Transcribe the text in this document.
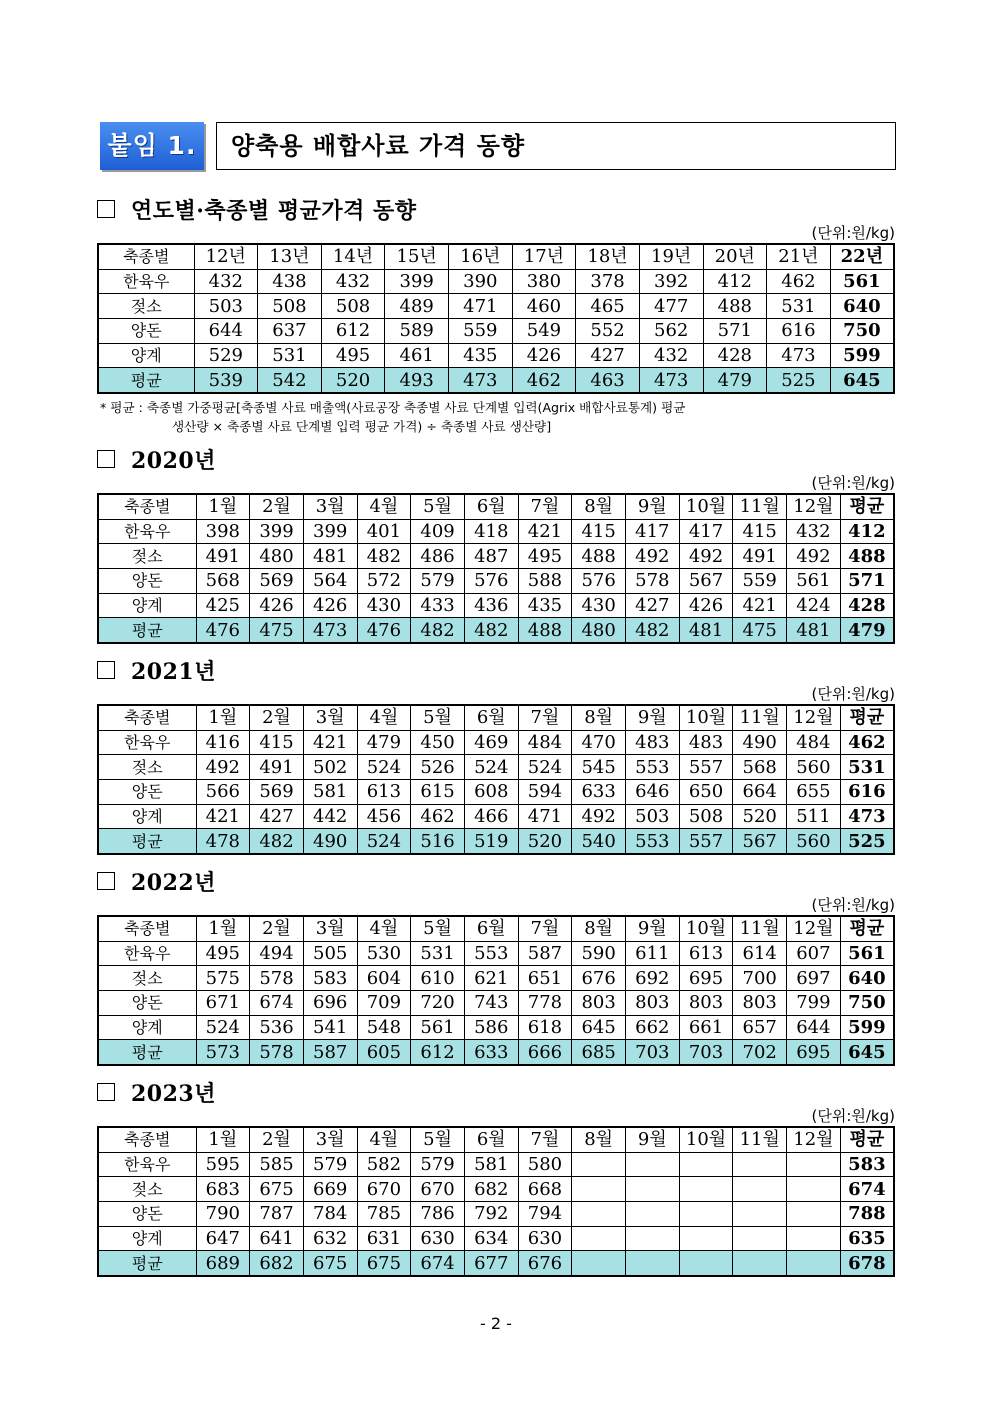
붙임 1.	양축용 배합사료 가격 동향
연도별·축종별 평균가격 동향
(단위:원/kg)
축종별	12년	13년	14년	15년	16년	17년	18년	19년	20년	21년	22년
한육우	432	438	432	399	390	380	378	392	412	462	561
젖소	503	508	508	489	471	460	465	477	488	531	640
양돈	644	637	612	589	559	549	552	562	571	616	750
양계	529	531	495	461	435	426	427	432	428	473	599
평균	539	542	520	493	473	462	463	473	479	525	645
* 평균 : 축종별 가중평균[축종별 사료 매출액(사료공장 축종별 사료 단계별 입력(Agrix 배합사료통계) 평균
생산량 × 축종별 사료 단계별 입력 평균 가격) ÷ 축종별 사료 생산량]
2020년
(단위:원/kg)
축종별	1월	2월	3월	4월	5월	6월	7월	8월	9월	10월	11월	12월	평균
한육우	398	399	399	401	409	418	421	415	417	417	415	432	412
젖소	491	480	481	482	486	487	495	488	492	492	491	492	488
양돈	568	569	564	572	579	576	588	576	578	567	559	561	571
양계	425	426	426	430	433	436	435	430	427	426	421	424	428
평균	476	475	473	476	482	482	488	480	482	481	475	481	479
2021년
(단위:원/kg)
축종별	1월	2월	3월	4월	5월	6월	7월	8월	9월	10월	11월	12월	평균
한육우	416	415	421	479	450	469	484	470	483	483	490	484	462
젖소	492	491	502	524	526	524	524	545	553	557	568	560	531
양돈	566	569	581	613	615	608	594	633	646	650	664	655	616
양계	421	427	442	456	462	466	471	492	503	508	520	511	473
평균	478	482	490	524	516	519	520	540	553	557	567	560	525
2022년
(단위:원/kg)
축종별	1월	2월	3월	4월	5월	6월	7월	8월	9월	10월	11월	12월	평균
한육우	495	494	505	530	531	553	587	590	611	613	614	607	561
젖소	575	578	583	604	610	621	651	676	692	695	700	697	640
양돈	671	674	696	709	720	743	778	803	803	803	803	799	750
양계	524	536	541	548	561	586	618	645	662	661	657	644	599
평균	573	578	587	605	612	633	666	685	703	703	702	695	645
2023년
(단위:원/kg)
축종별	1월	2월	3월	4월	5월	6월	7월	8월	9월	10월	11월	12월	평균
한육우	595	585	579	582	579	581	580						583
젖소	683	675	669	670	670	682	668						674
양돈	790	787	784	785	786	792	794						788
양계	647	641	632	631	630	634	630						635
평균	689	682	675	675	674	677	676						678
- 2 -
